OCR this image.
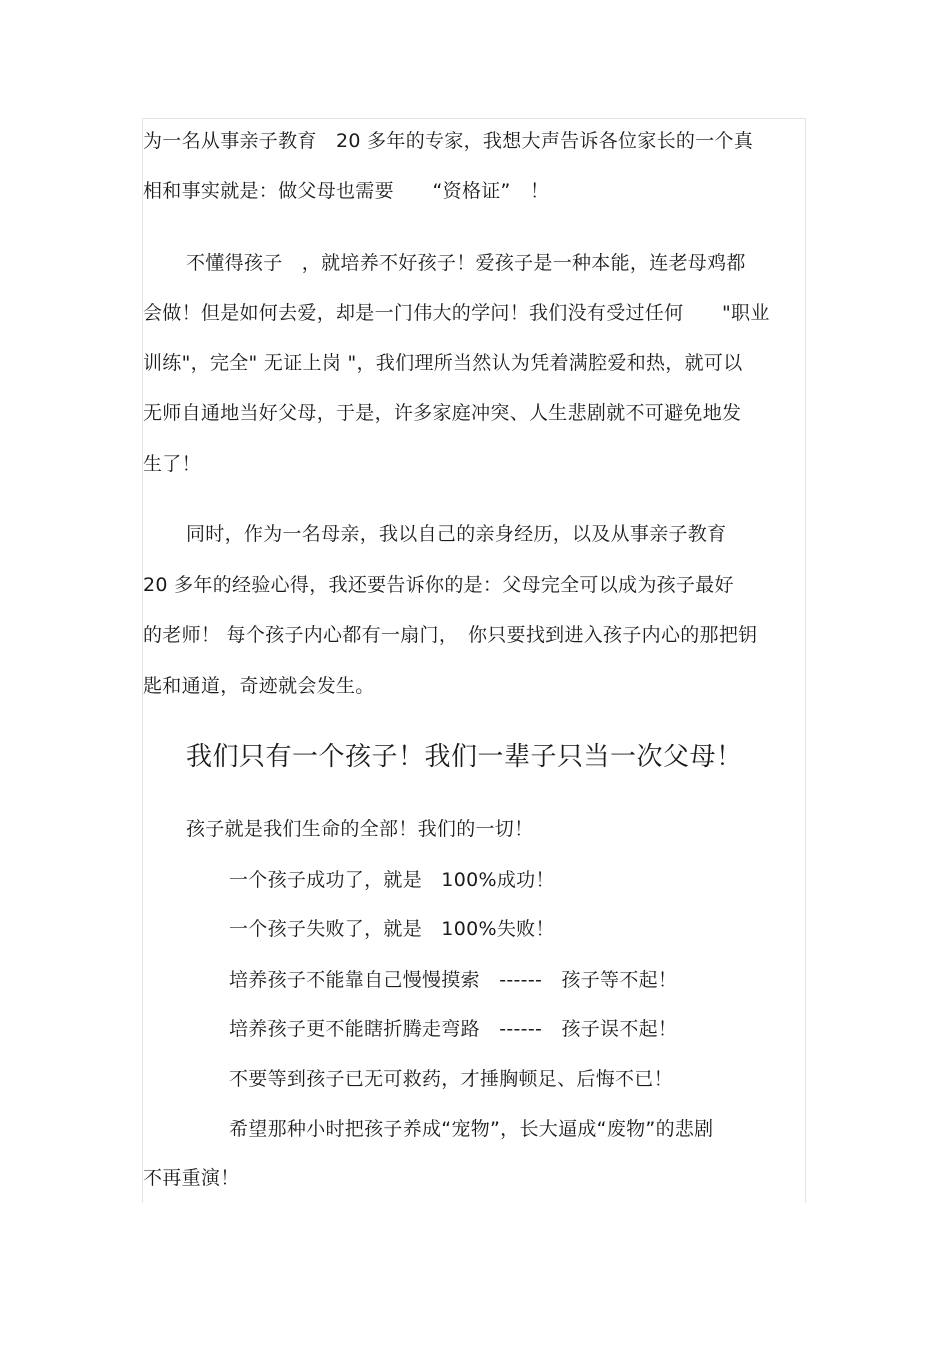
为一名从事亲子教育　20 多年的专家，我想大声告诉各位家长的一个真
相和事实就是：做父母也需要　　“资格证”　！
不懂得孩子　，就培养不好孩子！爱孩子是一种本能，连老母鸡都
会做！但是如何去爱，却是一门伟大的学问！我们没有受过任何　　"职业
训练"，完全" 无证上岗 "，我们理所当然认为凭着满腔爱和热，就可以
无师自通地当好父母，于是，许多家庭冲突、人生悲剧就不可避免地发
生了！
同时，作为一名母亲，我以自己的亲身经历，以及从事亲子教育
20 多年的经验心得，我还要告诉你的是：父母完全可以成为孩子最好
的老师！ 每个孩子内心都有一扇门，　你只要找到进入孩子内心的那把钥
匙和通道，奇迹就会发生。
我们只有一个孩子！我们一辈子只当一次父母！
孩子就是我们生命的全部！我们的一切！
一个孩子成功了，就是　100%成功！
一个孩子失败了，就是　100%失败！
培养孩子不能靠自己慢慢摸索　------　孩子等不起！
培养孩子更不能瞎折腾走弯路　------　孩子误不起！
不要等到孩子已无可救药，才捶胸顿足、后悔不已！
希望那种小时把孩子养成“宠物”，长大逼成“废物”的悲剧
不再重演！
